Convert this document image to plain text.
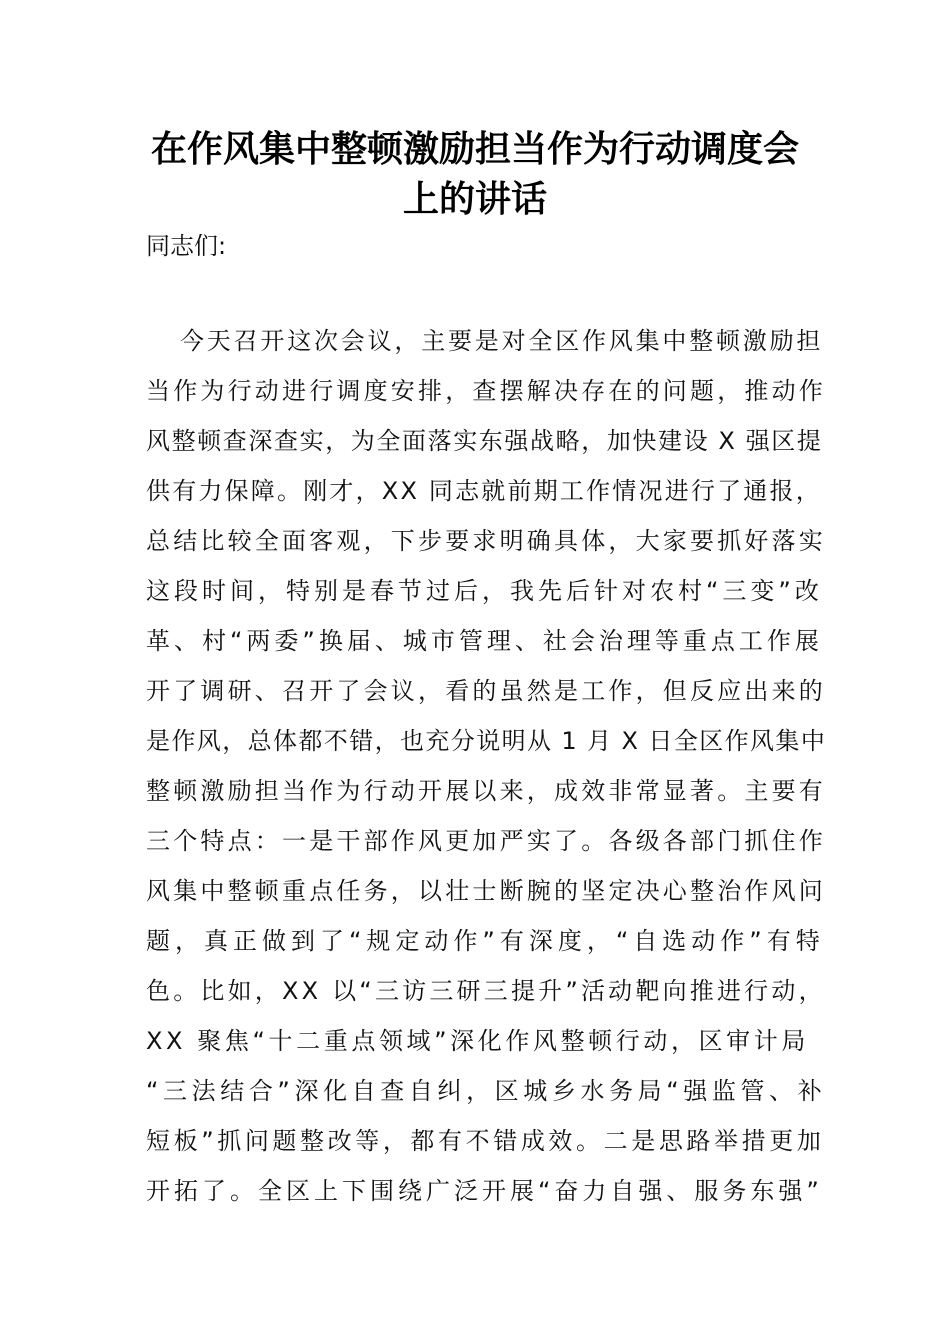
在作风集中整顿激励担当作为行动调度会
上的讲话

同志们:

今天召开这次会议，主要是对全区作风集中整顿激励担
当作为行动进行调度安排，查摆解决存在的问题，推动作
风整顿查深查实，为全面落实东强战略，加快建设 X 强区提
供有力保障。刚才，XX 同志就前期工作情况进行了通报，
总结比较全面客观，下步要求明确具体，大家要抓好落实
这段时间，特别是春节过后，我先后针对农村“三变”改
革、村“两委”换届、城市管理、社会治理等重点工作展
开了调研、召开了会议，看的虽然是工作，但反应出来的
是作风，总体都不错，也充分说明从 1 月 X 日全区作风集中
整顿激励担当作为行动开展以来，成效非常显著。主要有
三个特点：一是干部作风更加严实了。各级各部门抓住作
风集中整顿重点任务，以壮士断腕的坚定决心整治作风问
题，真正做到了“规定动作”有深度，“自选动作”有特
色。比如，XX 以“三访三研三提升”活动靶向推进行动，
XX 聚焦“十二重点领域”深化作风整顿行动，区审计局
“三法结合”深化自查自纠，区城乡水务局“强监管、补
短板”抓问题整改等，都有不错成效。二是思路举措更加
开拓了。全区上下围绕广泛开展“奋力自强、服务东强”
